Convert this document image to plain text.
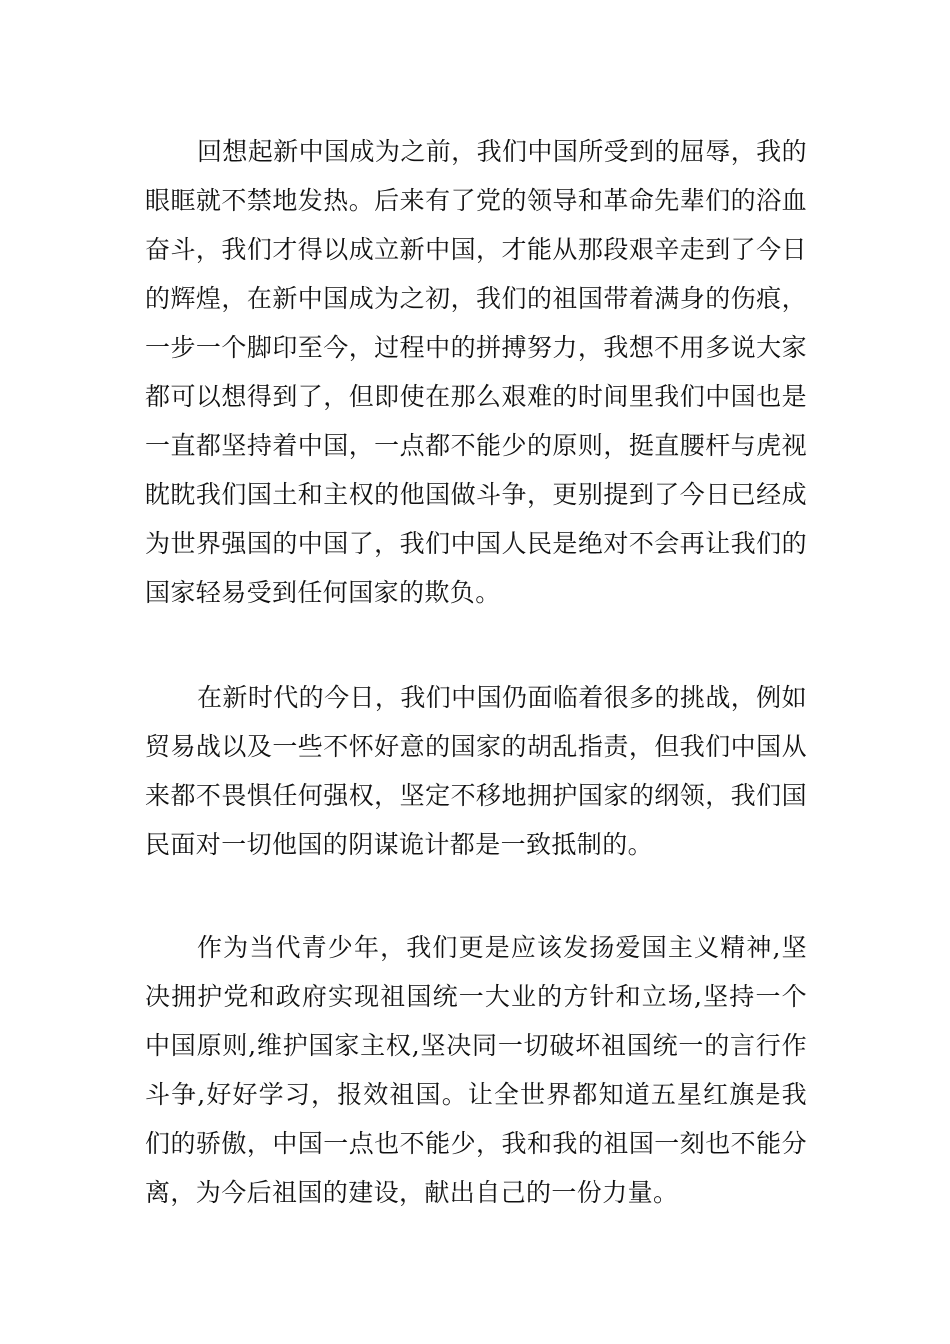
回想起新中国成为之前，我们中国所受到的屈辱，我的眼眶就不禁地发热。后来有了党的领导和革命先辈们的浴血奋斗，我们才得以成立新中国，才能从那段艰辛走到了今日的辉煌，在新中国成为之初，我们的祖国带着满身的伤痕，一步一个脚印至今，过程中的拼搏努力，我想不用多说大家都可以想得到了，但即使在那么艰难的时间里我们中国也是一直都坚持着中国，一点都不能少的原则，挺直腰杆与虎视眈眈我们国土和主权的他国做斗争，更别提到了今日已经成为世界强国的中国了，我们中国人民是绝对不会再让我们的国家轻易受到任何国家的欺负。

在新时代的今日，我们中国仍面临着很多的挑战，例如贸易战以及一些不怀好意的国家的胡乱指责，但我们中国从来都不畏惧任何强权，坚定不移地拥护国家的纲领，我们国民面对一切他国的阴谋诡计都是一致抵制的。

作为当代青少年，我们更是应该发扬爱国主义精神,坚决拥护党和政府实现祖国统一大业的方针和立场,坚持一个中国原则,维护国家主权,坚决同一切破坏祖国统一的言行作斗争,好好学习，报效祖国。让全世界都知道五星红旗是我们的骄傲，中国一点也不能少，我和我的祖国一刻也不能分离，为今后祖国的建设，献出自己的一份力量。
